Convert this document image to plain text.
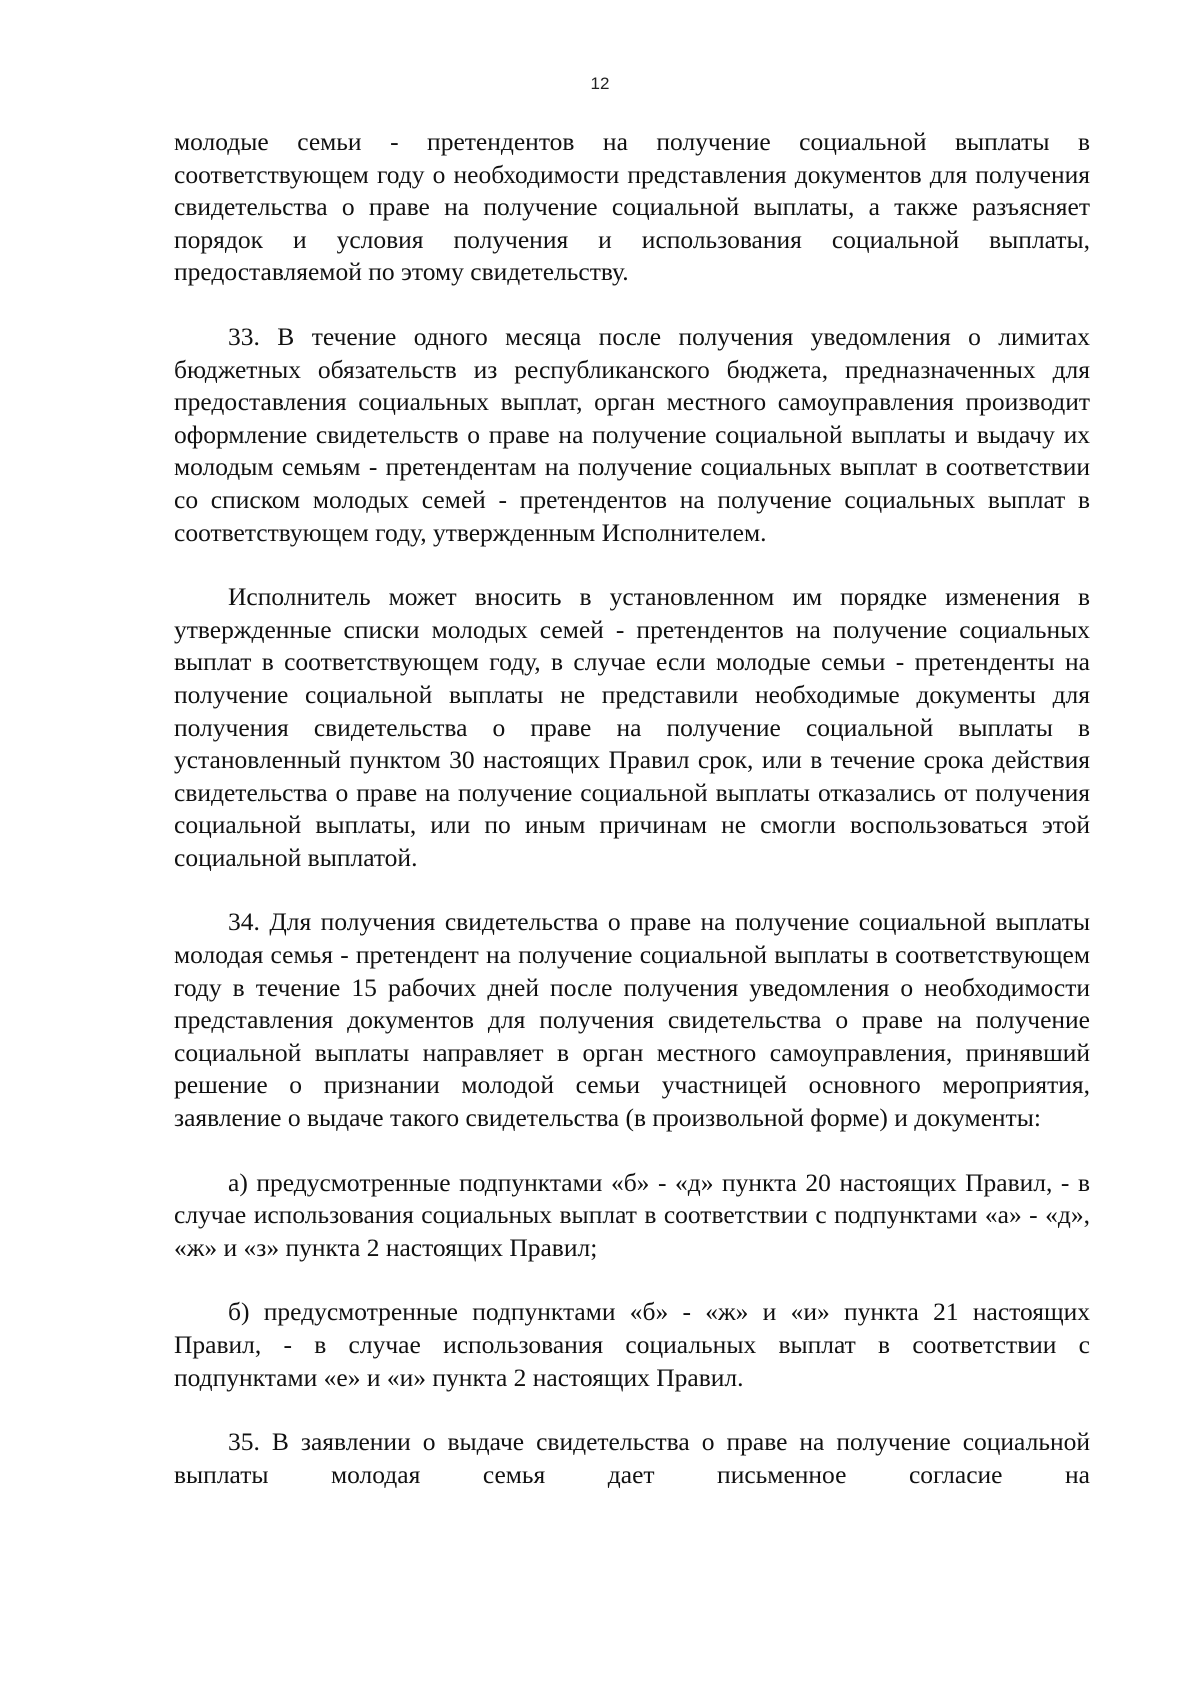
12

молодые семьи - претендентов на получение социальной выплаты в соответствующем году о необходимости представления документов для получения свидетельства о праве на получение социальной выплаты, а также разъясняет порядок и условия получения и использования социальной выплаты, предоставляемой по этому свидетельству.

33. В течение одного месяца после получения уведомления о лимитах бюджетных обязательств из республиканского бюджета, предназначенных для предоставления социальных выплат, орган местного самоуправления производит оформление свидетельств о праве на получение социальной выплаты и выдачу их молодым семьям - претендентам на получение социальных выплат в соответствии со списком молодых семей - претендентов на получение социальных выплат в соответствующем году, утвержденным Исполнителем.

Исполнитель может вносить в установленном им порядке изменения в утвержденные списки молодых семей - претендентов на получение социальных выплат в соответствующем году, в случае если молодые семьи - претенденты на получение социальной выплаты не представили необходимые документы для получения свидетельства о праве на получение социальной выплаты в установленный пунктом 30 настоящих Правил срок, или в течение срока действия свидетельства о праве на получение социальной выплаты отказались от получения социальной выплаты, или по иным причинам не смогли воспользоваться этой социальной выплатой.

34. Для получения свидетельства о праве на получение социальной выплаты молодая семья - претендент на получение социальной выплаты в соответствующем году в течение 15 рабочих дней после получения уведомления о необходимости представления документов для получения свидетельства о праве на получение социальной выплаты направляет в орган местного самоуправления, принявший решение о признании молодой семьи участницей основного мероприятия, заявление о выдаче такого свидетельства (в произвольной форме) и документы:

а) предусмотренные подпунктами «б» - «д» пункта 20 настоящих Правил, - в случае использования социальных выплат в соответствии с подпунктами «а» - «д», «ж» и «з» пункта 2 настоящих Правил;

б) предусмотренные подпунктами «б» - «ж» и «и» пункта 21 настоящих Правил, - в случае использования социальных выплат в соответствии с подпунктами «е» и «и» пункта 2 настоящих Правил.

35. В заявлении о выдаче свидетельства о праве на получение социальной выплаты молодая семья дает письменное согласие на
